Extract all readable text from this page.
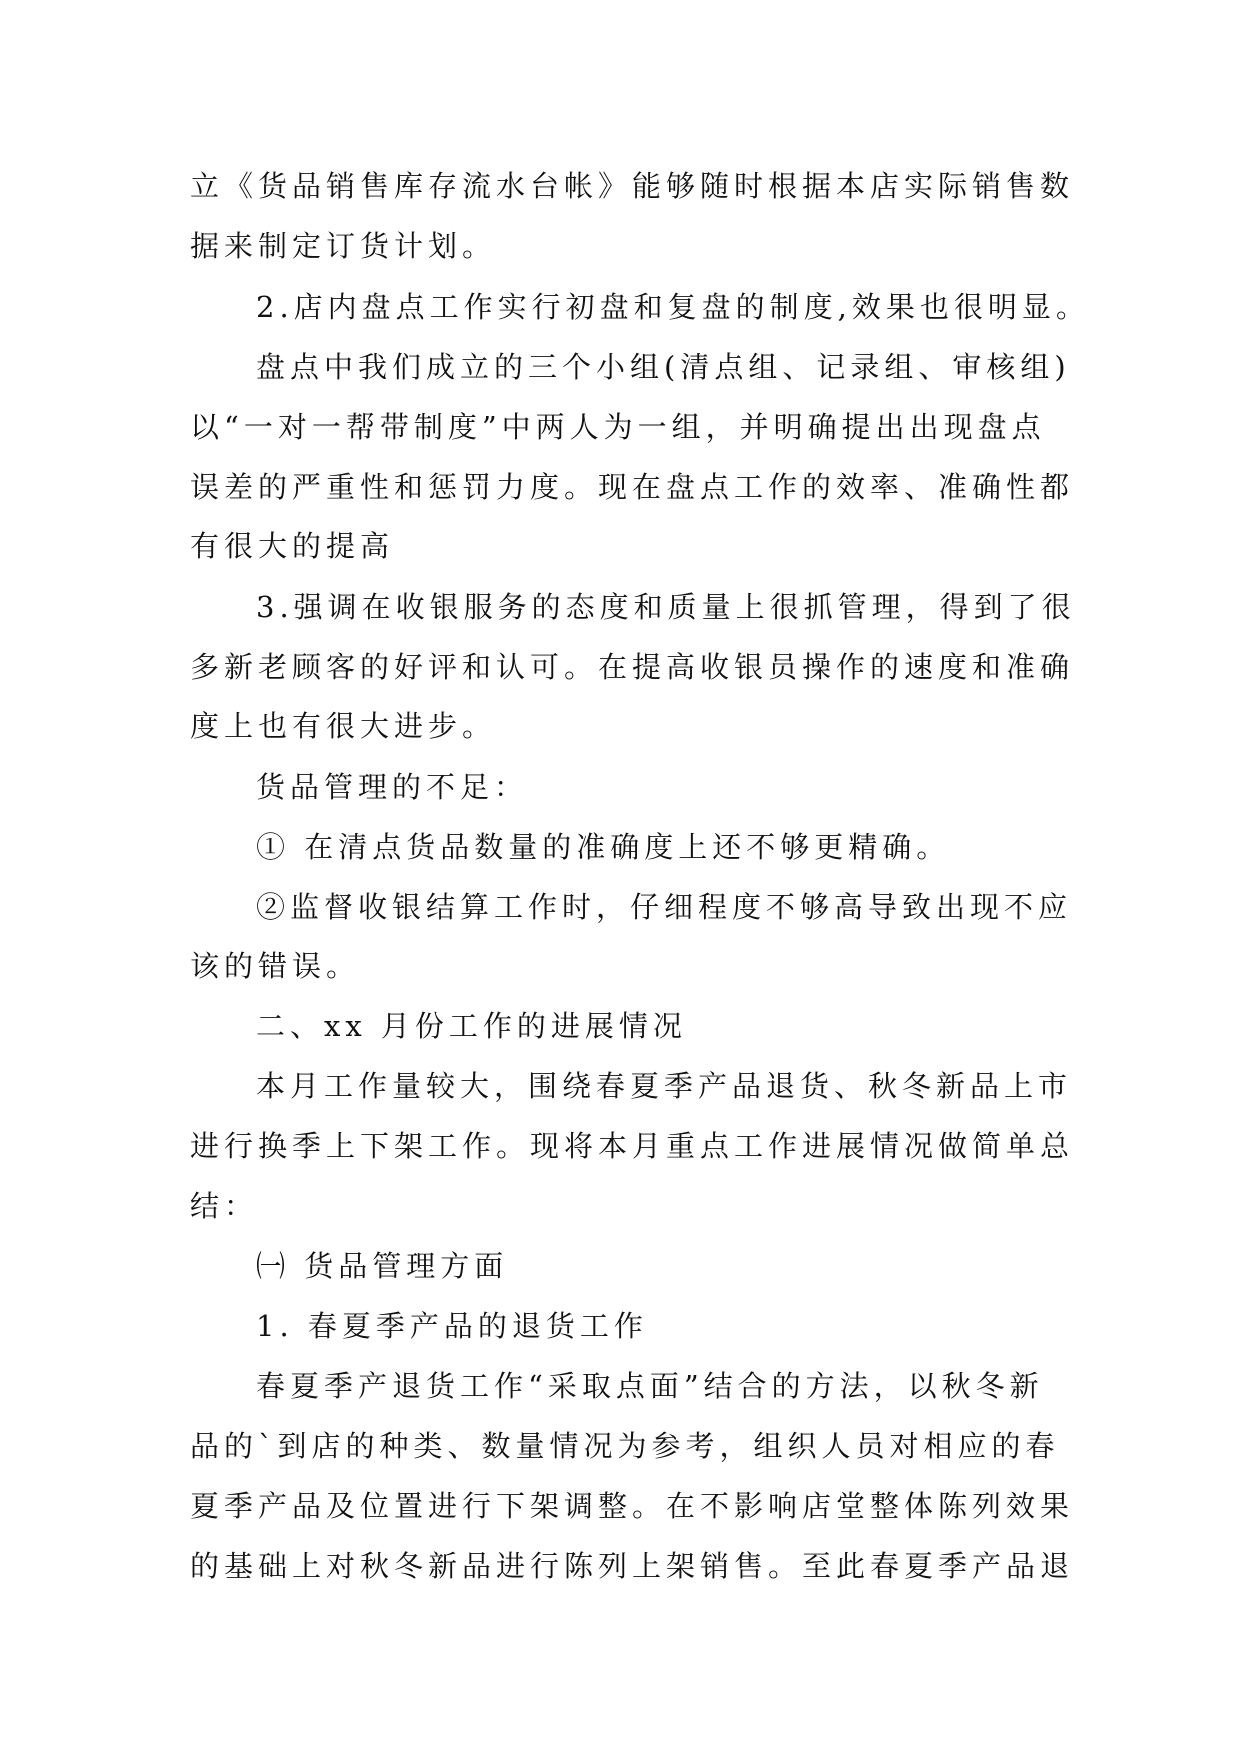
立《货品销售库存流水台帐》能够随时根据本店实际销售数
据来制定订货计划。
2.店内盘点工作实行初盘和复盘的制度,效果也很明显。
盘点中我们成立的三个小组(清点组、记录组、审核组)
以“一对一帮带制度”中两人为一组，并明确提出出现盘点
误差的严重性和惩罚力度。现在盘点工作的效率、准确性都
有很大的提高
3.强调在收银服务的态度和质量上很抓管理，得到了很
多新老顾客的好评和认可。在提高收银员操作的速度和准确
度上也有很大进步。
货品管理的不足：
① 在清点货品数量的准确度上还不够更精确。
②监督收银结算工作时，仔细程度不够高导致出现不应
该的错误。
二、xx 月份工作的进展情况
本月工作量较大，围绕春夏季产品退货、秋冬新品上市
进行换季上下架工作。现将本月重点工作进展情况做简单总
结：
㈠ 货品管理方面
1. 春夏季产品的退货工作
春夏季产退货工作“采取点面”结合的方法，以秋冬新
品的`到店的种类、数量情况为参考，组织人员对相应的春
夏季产品及位置进行下架调整。在不影响店堂整体陈列效果
的基础上对秋冬新品进行陈列上架销售。至此春夏季产品退
